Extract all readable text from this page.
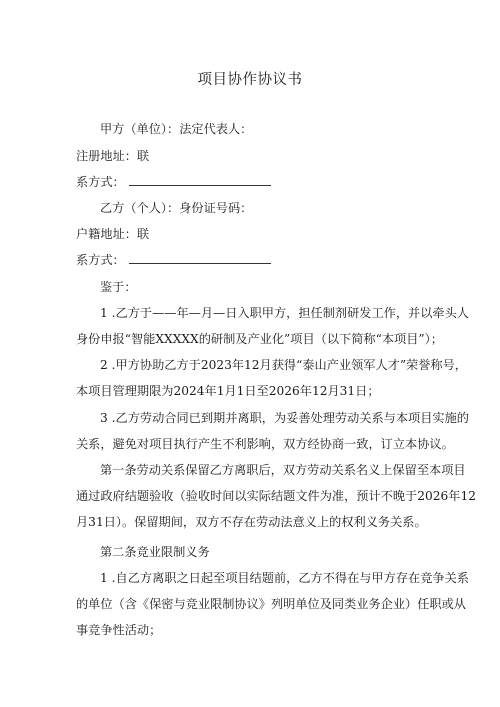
项目协作协议书
甲方（单位）：法定代表人：
注册地址：联
系方式：
乙方（个人）：身份证号码：
户籍地址：联
系方式：
鉴于：
1 .乙方于——年—月—日入职甲方，担任制剂研发工作，并以牵头人
身份申报“智能XXXXX的研制及产业化”项目（以下简称“本项目”）；
2 .甲方协助乙方于2023年12月获得“泰山产业领军人才”荣誉称号，
本项目管理期限为2024年1月1日至2026年12月31日；
3 .乙方劳动合同已到期并离职，为妥善处理劳动关系与本项目实施的
关系，避免对项目执行产生不利影响，双方经协商一致，订立本协议。
第一条劳动关系保留乙方离职后，双方劳动关系名义上保留至本项目
通过政府结题验收（验收时间以实际结题文件为准，预计不晚于2026年12
月31日）。保留期间，双方不存在劳动法意义上的权利义务关系。
第二条竞业限制义务
1 .自乙方离职之日起至项目结题前，乙方不得在与甲方存在竞争关系
的单位（含《保密与竞业限制协议》列明单位及同类业务企业）任职或从
事竞争性活动；
